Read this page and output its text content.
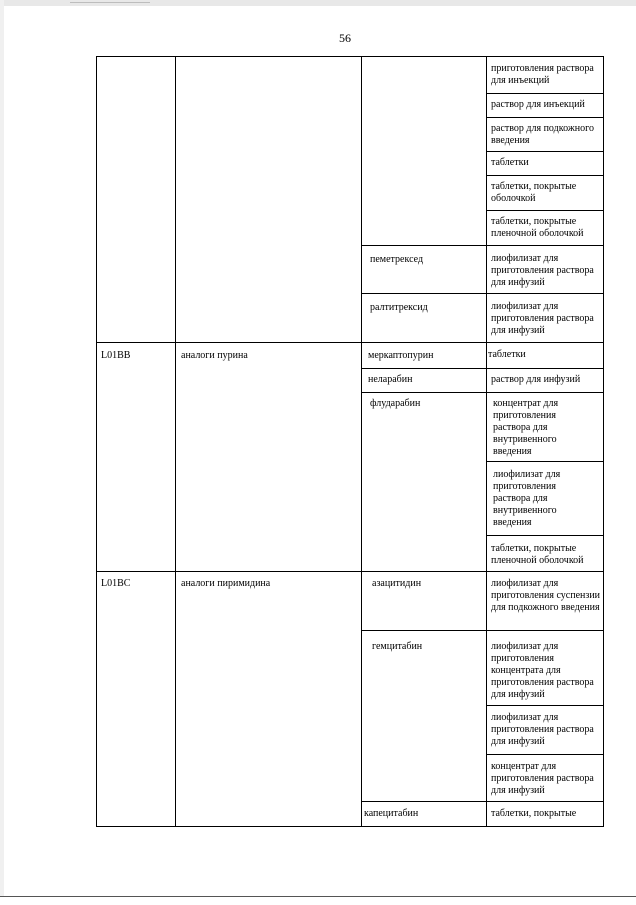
56
L01BB	аналоги пурина
L01BC	аналоги пиримидина
пеметрексед
ралтитрексид
меркаптопурин
неларабин
флударабин
азацитидин
гемцитабин
капецитабин
приготовления раствора для инъекций
раствор для инъекций
раствор для подкожного введения
таблетки
таблетки, покрытые оболочкой
таблетки, покрытые пленочной оболочкой
лиофилизат для приготовления раствора для инфузий
лиофилизат для приготовления раствора для инфузий
таблетки
раствор для инфузий
концентрат для приготовления раствора для внутривенного введения
лиофилизат для приготовления раствора для внутривенного введения
таблетки, покрытые пленочной оболочкой
лиофилизат для приготовления суспензии для подкожного введения
лиофилизат для приготовления концентрата для приготовления раствора для инфузий
лиофилизат для приготовления раствора для инфузий
концентрат для приготовления раствора для инфузий
таблетки, покрытые
